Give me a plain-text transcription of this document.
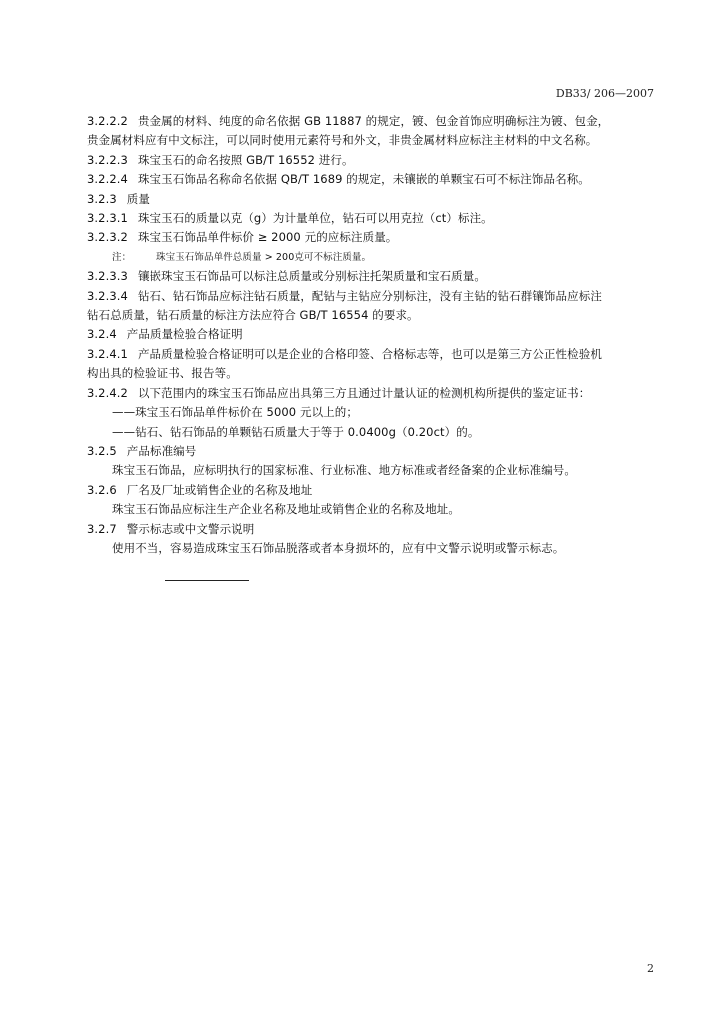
DB33/ 206—2007
3.2.2.2 贵金属的材料、纯度的命名依据 GB 11887 的规定，镀、包金首饰应明确标注为镀、包金，
贵金属材料应有中文标注，可以同时使用元素符号和外文，非贵金属材料应标注主材料的中文名称。
3.2.2.3 珠宝玉石的命名按照 GB/T 16552 进行。
3.2.2.4 珠宝玉石饰品名称命名依据 QB/T 1689 的规定，未镶嵌的单颗宝石可不标注饰品名称。
3.2.3 质量
3.2.3.1 珠宝玉石的质量以克（g）为计量单位，钻石可以用克拉（ct）标注。
3.2.3.2 珠宝玉石饰品单件标价 ≥ 2000 元的应标注质量。
注：	珠宝玉石饰品单件总质量 > 200克可不标注质量。
3.2.3.3 镶嵌珠宝玉石饰品可以标注总质量或分别标注托架质量和宝石质量。
3.2.3.4 钻石、钻石饰品应标注钻石质量，配钻与主钻应分别标注，没有主钻的钻石群镶饰品应标注
钻石总质量，钻石质量的标注方法应符合 GB/T 16554 的要求。
3.2.4 产品质量检验合格证明
3.2.4.1 产品质量检验合格证明可以是企业的合格印签、合格标志等，也可以是第三方公正性检验机
构出具的检验证书、报告等。
3.2.4.2 以下范围内的珠宝玉石饰品应出具第三方且通过计量认证的检测机构所提供的鉴定证书：
——珠宝玉石饰品单件标价在 5000 元以上的；
——钻石、钻石饰品的单颗钻石质量大于等于 0.0400g（0.20ct）的。
3.2.5 产品标准编号
珠宝玉石饰品，应标明执行的国家标准、行业标准、地方标准或者经备案的企业标准编号。
3.2.6 厂名及厂址或销售企业的名称及地址
珠宝玉石饰品应标注生产企业名称及地址或销售企业的名称及地址。
3.2.7 警示标志或中文警示说明
使用不当，容易造成珠宝玉石饰品脱落或者本身损坏的，应有中文警示说明或警示标志。
2
